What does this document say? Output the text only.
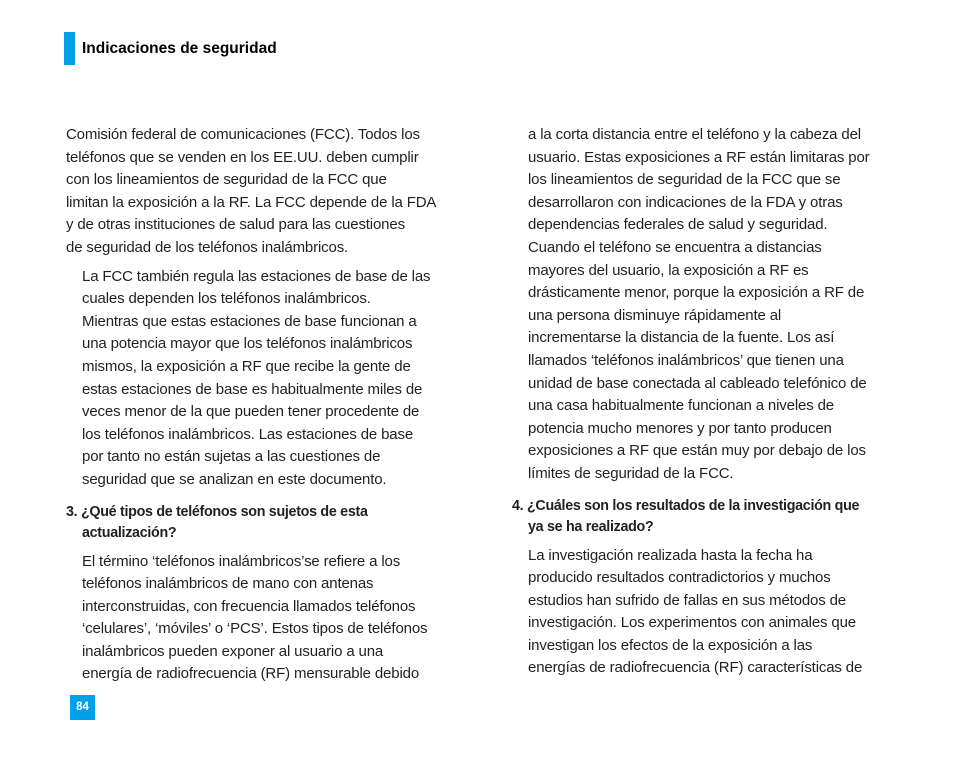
Indicaciones de seguridad
Comisión federal de comunicaciones (FCC). Todos los
teléfonos que se venden en los EE.UU. deben cumplir
con los lineamientos de seguridad de la FCC que
limitan la exposición a la RF. La FCC depende de la FDA
y de otras instituciones de salud para las cuestiones
de seguridad de los teléfonos inalámbricos.
La FCC también regula las estaciones de base de las
cuales dependen los teléfonos inalámbricos.
Mientras que estas estaciones de base funcionan a
una potencia mayor que los teléfonos inalámbricos
mismos, la exposición a RF que recibe la gente de
estas estaciones de base es habitualmente miles de
veces menor de la que pueden tener procedente de
los teléfonos inalámbricos. Las estaciones de base
por tanto no están sujetas a las cuestiones de
seguridad que se analizan en este documento.
3. ¿Qué tipos de teléfonos son sujetos de esta
actualización?
El término ‘teléfonos inalámbricos’se refiere a los
teléfonos inalámbricos de mano con antenas
interconstruidas, con frecuencia llamados teléfonos
‘celulares’, ‘móviles’ o ‘PCS’. Estos tipos de teléfonos
inalámbricos pueden exponer al usuario a una
energía de radiofrecuencia (RF) mensurable debido
a la corta distancia entre el teléfono y la cabeza del
usuario. Estas exposiciones a RF están limitaras por
los lineamientos de seguridad de la FCC que se
desarrollaron con indicaciones de la FDA y otras
dependencias federales de salud y seguridad.
Cuando el teléfono se encuentra a distancias
mayores del usuario, la exposición a RF es
drásticamente menor, porque la exposición a RF de
una persona disminuye rápidamente al
incrementarse la distancia de la fuente. Los así
llamados ‘teléfonos inalámbricos’ que tienen una
unidad de base conectada al cableado telefónico de
una casa habitualmente funcionan a niveles de
potencia mucho menores y por tanto producen
exposiciones a RF que están muy por debajo de los
límites de seguridad de la FCC.
4. ¿Cuáles son los resultados de la investigación que
ya se ha realizado?
La investigación realizada hasta la fecha ha
producido resultados contradictorios y muchos
estudios han sufrido de fallas en sus métodos de
investigación. Los experimentos con animales que
investigan los efectos de la exposición a las
energías de radiofrecuencia (RF) características de
84
